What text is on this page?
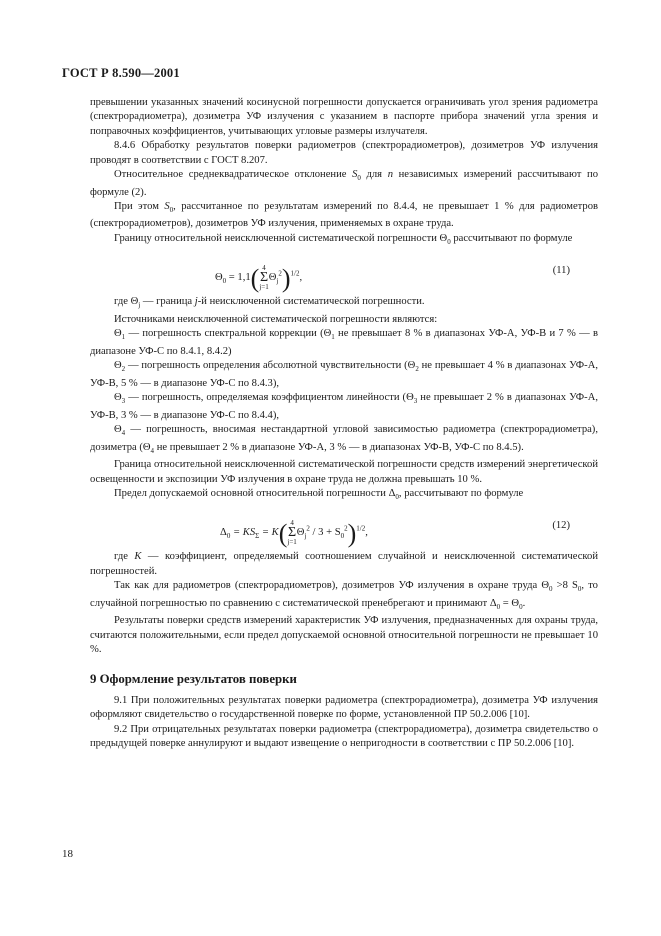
ГОСТ Р 8.590—2001

превышении указанных значений косинусной погрешности допускается ограничивать угол зрения радиометра (спектрорадиометра), дозиметра УФ излучения с указанием в паспорте прибора значений угла зрения и поправочных коэффициентов, учитывающих угловые размеры излучателя.

8.4.6 Обработку результатов поверки радиометров (спектрорадиометров), дозиметров УФ излучения проводят в соответствии с ГОСТ 8.207.

Относительное среднеквадратическое отклонение $S_0$ для n независимых измерений рассчитывают по формуле (2).

При этом $S_0$, рассчитанное по результатам измерений по 8.4.4, не превышает 1 % для радиометров (спектрорадиометров), дозиметров УФ излучения, применяемых в охране труда.

Границу относительной неисключенной систематической погрешности $\Theta_0$ рассчитывают по формуле

$\Theta_0 = 1,1$( 4
Σ
$j=1\Theta_j^2)^{1/2}$,
(11)

где $\Theta_j$ — граница j-й неисключенной систематической погрешности.

Источниками неисключенной систематической погрешности являются:

$\Theta_1$ — погрешность спектральной коррекции ($\Theta_1$ не превышает 8 % в диапазонах УФ-А, УФ-В и 7 % — в диапазоне УФ-С по 8.4.1, 8.4.2)

$\Theta_2$ — погрешность определения абсолютной чувствительности ($\Theta_2$ не превышает 4 % в диапазонах УФ-А, УФ-В, 5 % — в диапазоне УФ-С по 8.4.3),

$\Theta_3$ — погрешность, определяемая коэффициентом линейности ($\Theta_3$ не превышает 2 % в диапазонах УФ-А, УФ-В, 3 % — в диапазоне УФ-С по 8.4.4),

$\Theta_4$ — погрешность, вносимая нестандартной угловой зависимостью радиометра (спектрорадиометра), дозиметра ($\Theta_4$ не превышает 2 % в диапазоне УФ-А, 3 % — в диапазонах УФ-В, УФ-С по 8.4.5).

Граница относительной неисключенной систематической погрешности средств измерений энергетической освещенности и экспозиции УФ излучения в охране труда не должна превышать 10 %.

Предел допускаемой основной относительной погрешности $\Delta_0$, рассчитывают по формуле

$\Delta_0 = KS_\Sigma = K$( 4
Σ
$j=1\Theta_j^2 / 3 + S_0^2)^{1/2}$,
(12)

где K — коэффициент, определяемый соотношением случайной и неисключенной систематической погрешностей.

Так как для радиометров (спектрорадиометров), дозиметров УФ излучения в охране труда $\Theta_0 >8$ $S_0$, то случайной погрешностью по сравнению с систематической пренебрегают и принимают $\Delta_0 = \Theta_0$.

Результаты поверки средств измерений характеристик УФ излучения, предназначенных для охраны труда, считаются положительными, если предел допускаемой основной относительной погрешности не превышает 10 %.

9 Оформление результатов поверки

9.1 При положительных результатах поверки радиометра (спектрорадиометра), дозиметра УФ излучения оформляют свидетельство о государственной поверке по форме, установленной ПР 50.2.006 [10].

9.2 При отрицательных результатах поверки радиометра (спектрорадиометра), дозиметра свидетельство о предыдущей поверке аннулируют и выдают извещение о непригодности в соответствии с ПР 50.2.006 [10].

18
